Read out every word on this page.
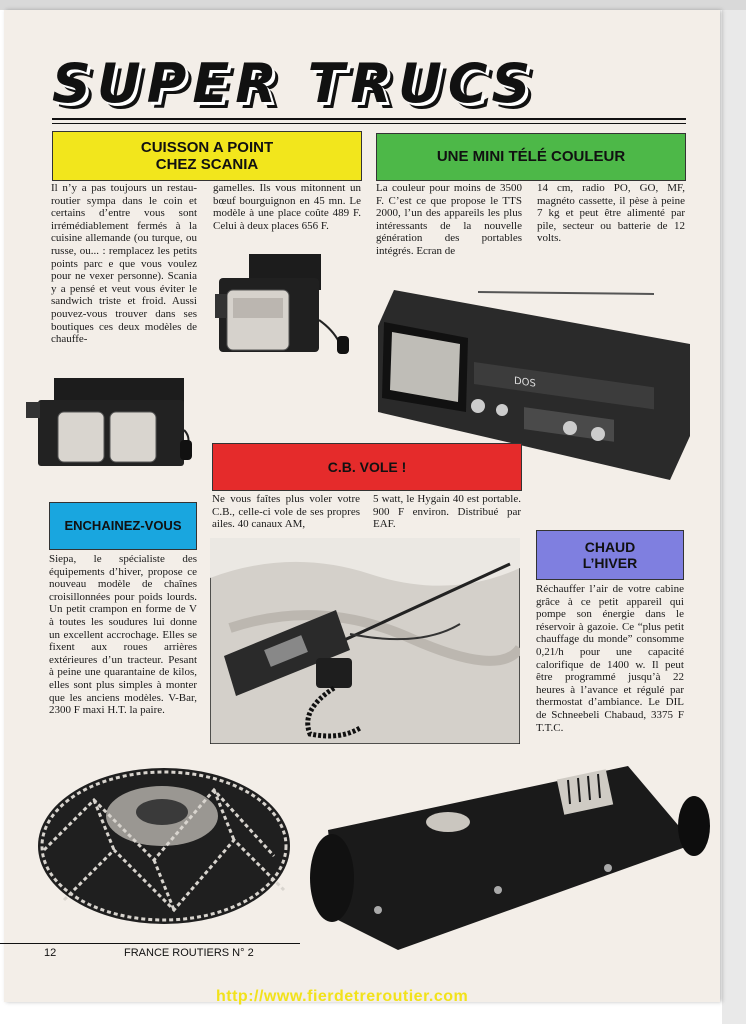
SUPER TRUCS
CUISSON A POINT
CHEZ SCANIA
Il n’y a pas toujours un restau-routier sympa dans le coin et certains d’entre vous sont irrémédiablement fermés à la cuisine allemande (ou turque, ou russe, ou... : remplacez les petits points parc e que vous voulez pour ne vexer personne). Scania y a pensé et veut vous éviter le sandwich triste et froid. Aussi pouvez-vous trouver dans ses boutiques ces deux modèles de chauffe-
gamelles. Ils vous mitonnent un bœuf bourguignon en 45 mn. Le modèle à une place coûte 489 F. Celui à deux places 656 F.
UNE MINI TÉLÉ COULEUR
La couleur pour moins de 3500 F. C’est ce que propose le TTS 2000, l’un des appareils les plus intéressants de la nouvelle génération des portables intégrés. Ecran de
14 cm, radio PO, GO, MF, magnéto cassette, il pèse à peine 7 kg et peut être alimenté par pile, secteur ou batterie de 12 volts.
DOS
C.B. VOLE !
Ne vous faîtes plus voler votre C.B., celle-ci vole de ses propres ailes. 40 canaux AM,
5 watt, le Hygain 40 est portable. 900 F environ. Distribué par EAF.
ENCHAINEZ-VOUS
Siepa, le spécialiste des équipements d’hiver, propose ce nouveau modèle de chaînes croisillonnées pour poids lourds. Un petit crampon en forme de V à toutes les soudures lui donne un excellent accrochage. Elles se fixent aux roues arrières extérieures d’un tracteur. Pesant à peine une quarantaine de kilos, elles sont plus simples à monter que les anciens modèles. V-Bar, 2300 F maxi H.T. la paire.
CHAUD
L’HIVER
Réchauffer l’air de votre cabine grâce à ce petit appareil qui pompe son énergie dans le réservoir à gazoie. Ce “plus petit chauffage du monde” consomme 0,21/h pour une capacité calorifique de 1400 w. Il peut être programmé jusqu’à 22 heures à l’avance et régulé par thermostat d’ambiance. Le DIL de Schneebeli Chabaud, 3375 F T.T.C.
12	FRANCE ROUTIERS N° 2
http://www.fierdetreroutier.com
